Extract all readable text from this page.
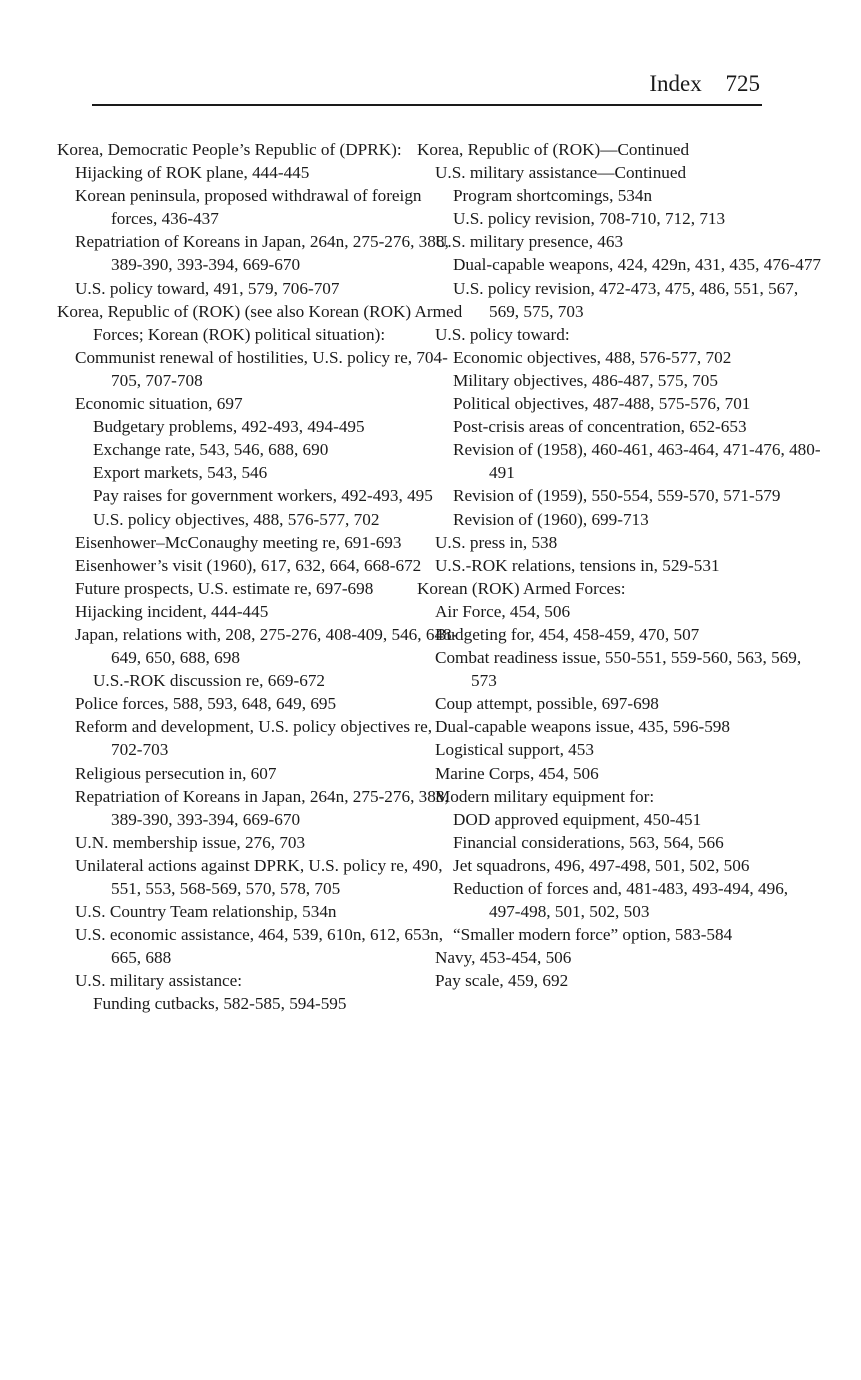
Index 725
Korea, Democratic People’s Republic of (DPRK):
Hijacking of ROK plane, 444-445
Korean peninsula, proposed withdrawal of foreign forces, 436-437
Repatriation of Koreans in Japan, 264n, 275-276, 388, 389-390, 393-394, 669-670
U.S. policy toward, 491, 579, 706-707
Korea, Republic of (ROK) (see also Korean (ROK) Armed Forces; Korean (ROK) political situation):
Communist renewal of hostilities, U.S. policy re, 704-705, 707-708
Economic situation, 697
Budgetary problems, 492-493, 494-495
Exchange rate, 543, 546, 688, 690
Export markets, 543, 546
Pay raises for government workers, 492-493, 495
U.S. policy objectives, 488, 576-577, 702
Eisenhower–McConaughy meeting re, 691-693
Eisenhower’s visit (1960), 617, 632, 664, 668-672
Future prospects, U.S. estimate re, 697-698
Hijacking incident, 444-445
Japan, relations with, 208, 275-276, 408-409, 546, 648-649, 650, 688, 698
U.S.-ROK discussion re, 669-672
Police forces, 588, 593, 648, 649, 695
Reform and development, U.S. policy objectives re, 702-703
Religious persecution in, 607
Repatriation of Koreans in Japan, 264n, 275-276, 388, 389-390, 393-394, 669-670
U.N. membership issue, 276, 703
Unilateral actions against DPRK, U.S. policy re, 490, 551, 553, 568-569, 570, 578, 705
U.S. Country Team relationship, 534n
U.S. economic assistance, 464, 539, 610n, 612, 653n, 665, 688
U.S. military assistance:
Funding cutbacks, 582-585, 594-595
Korea, Republic of (ROK)—Continued
U.S. military assistance—Continued
Program shortcomings, 534n
U.S. policy revision, 708-710, 712, 713
U.S. military presence, 463
Dual-capable weapons, 424, 429n, 431, 435, 476-477
U.S. policy revision, 472-473, 475, 486, 551, 567, 569, 575, 703
U.S. policy toward:
Economic objectives, 488, 576-577, 702
Military objectives, 486-487, 575, 705
Political objectives, 487-488, 575-576, 701
Post-crisis areas of concentration, 652-653
Revision of (1958), 460-461, 463-464, 471-476, 480-491
Revision of (1959), 550-554, 559-570, 571-579
Revision of (1960), 699-713
U.S. press in, 538
U.S.-ROK relations, tensions in, 529-531
Korean (ROK) Armed Forces:
Air Force, 454, 506
Budgeting for, 454, 458-459, 470, 507
Combat readiness issue, 550-551, 559-560, 563, 569, 573
Coup attempt, possible, 697-698
Dual-capable weapons issue, 435, 596-598
Logistical support, 453
Marine Corps, 454, 506
Modern military equipment for:
DOD approved equipment, 450-451
Financial considerations, 563, 564, 566
Jet squadrons, 496, 497-498, 501, 502, 506
Reduction of forces and, 481-483, 493-494, 496, 497-498, 501, 502, 503
“Smaller modern force” option, 583-584
Navy, 453-454, 506
Pay scale, 459, 692
